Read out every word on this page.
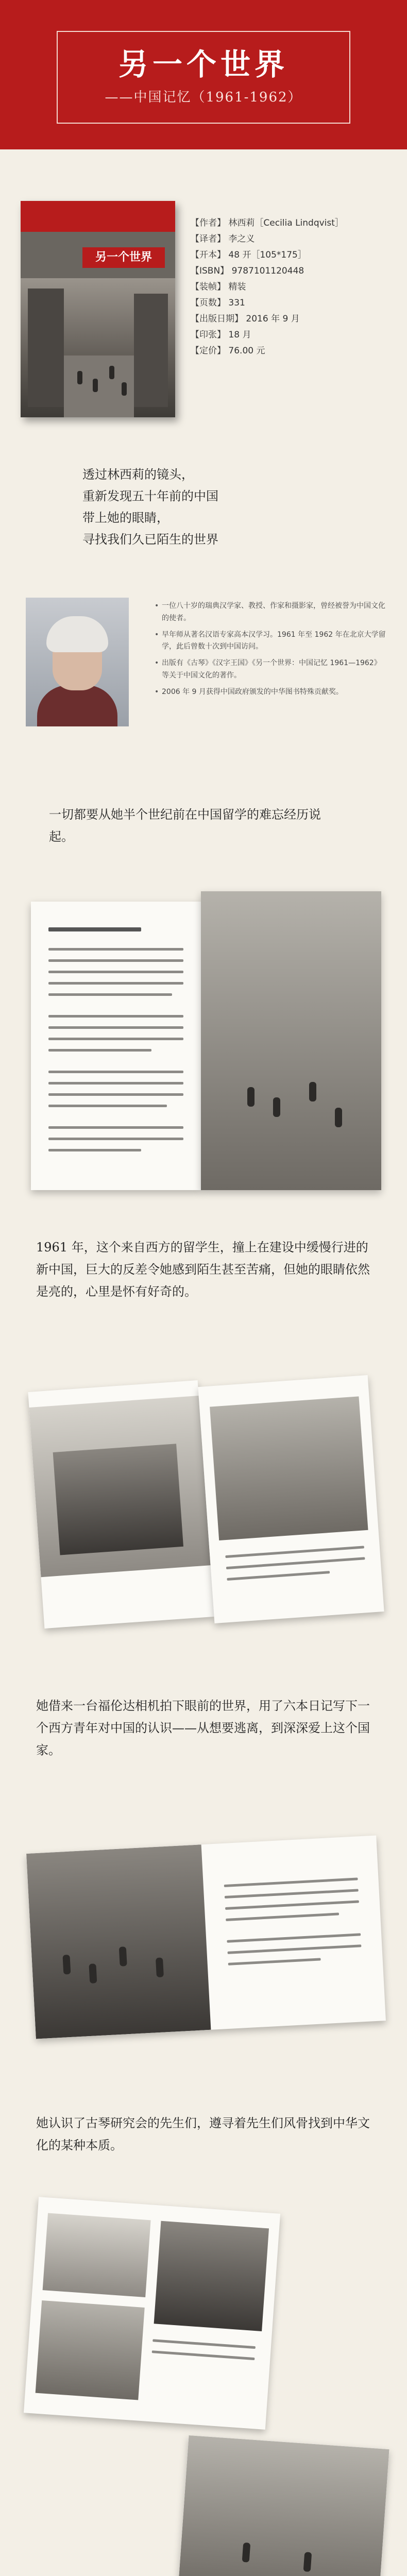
另一个世界
——中国记忆（1961-1962）
另一个世界
【作者】 林西莉［Cecilia Lindqvist］
【译者】 李之义
【开本】 48 开［105*175］
【ISBN】 9787101120448
【装帧】 精装
【页数】 331
【出版日期】 2016 年 9 月
【印张】 18 月
【定价】 76.00 元
透过林西莉的镜头，
重新发现五十年前的中国
带上她的眼睛，
寻找我们久已陌生的世界
• 一位八十岁的瑞典汉学家、教授、作家和摄影家，曾经被誉为中国文化的使者。
• 早年师从著名汉语专家高本汉学习。1961 年至 1962 年在北京大学留学，此后曾数十次到中国访问。
• 出版有《古琴》《汉字王国》《另一个世界：中国记忆 1961—1962》等关于中国文化的著作。
• 2006 年 9 月获得中国政府颁发的中华图书特殊贡献奖。
一切都要从她半个世纪前在中国留学的难忘经历说起。
1961 年，这个来自西方的留学生，撞上在建设中缓慢行进的新中国，巨大的反差令她感到陌生甚至苦痛，但她的眼睛依然是亮的，心里是怀有好奇的。
她借来一台福伦达相机拍下眼前的世界，用了六本日记写下一个西方青年对中国的认识——从想要逃离，到深深爱上这个国家。
她认识了古琴研究会的先生们，遵寻着先生们风骨找到中华文化的某种本质。
